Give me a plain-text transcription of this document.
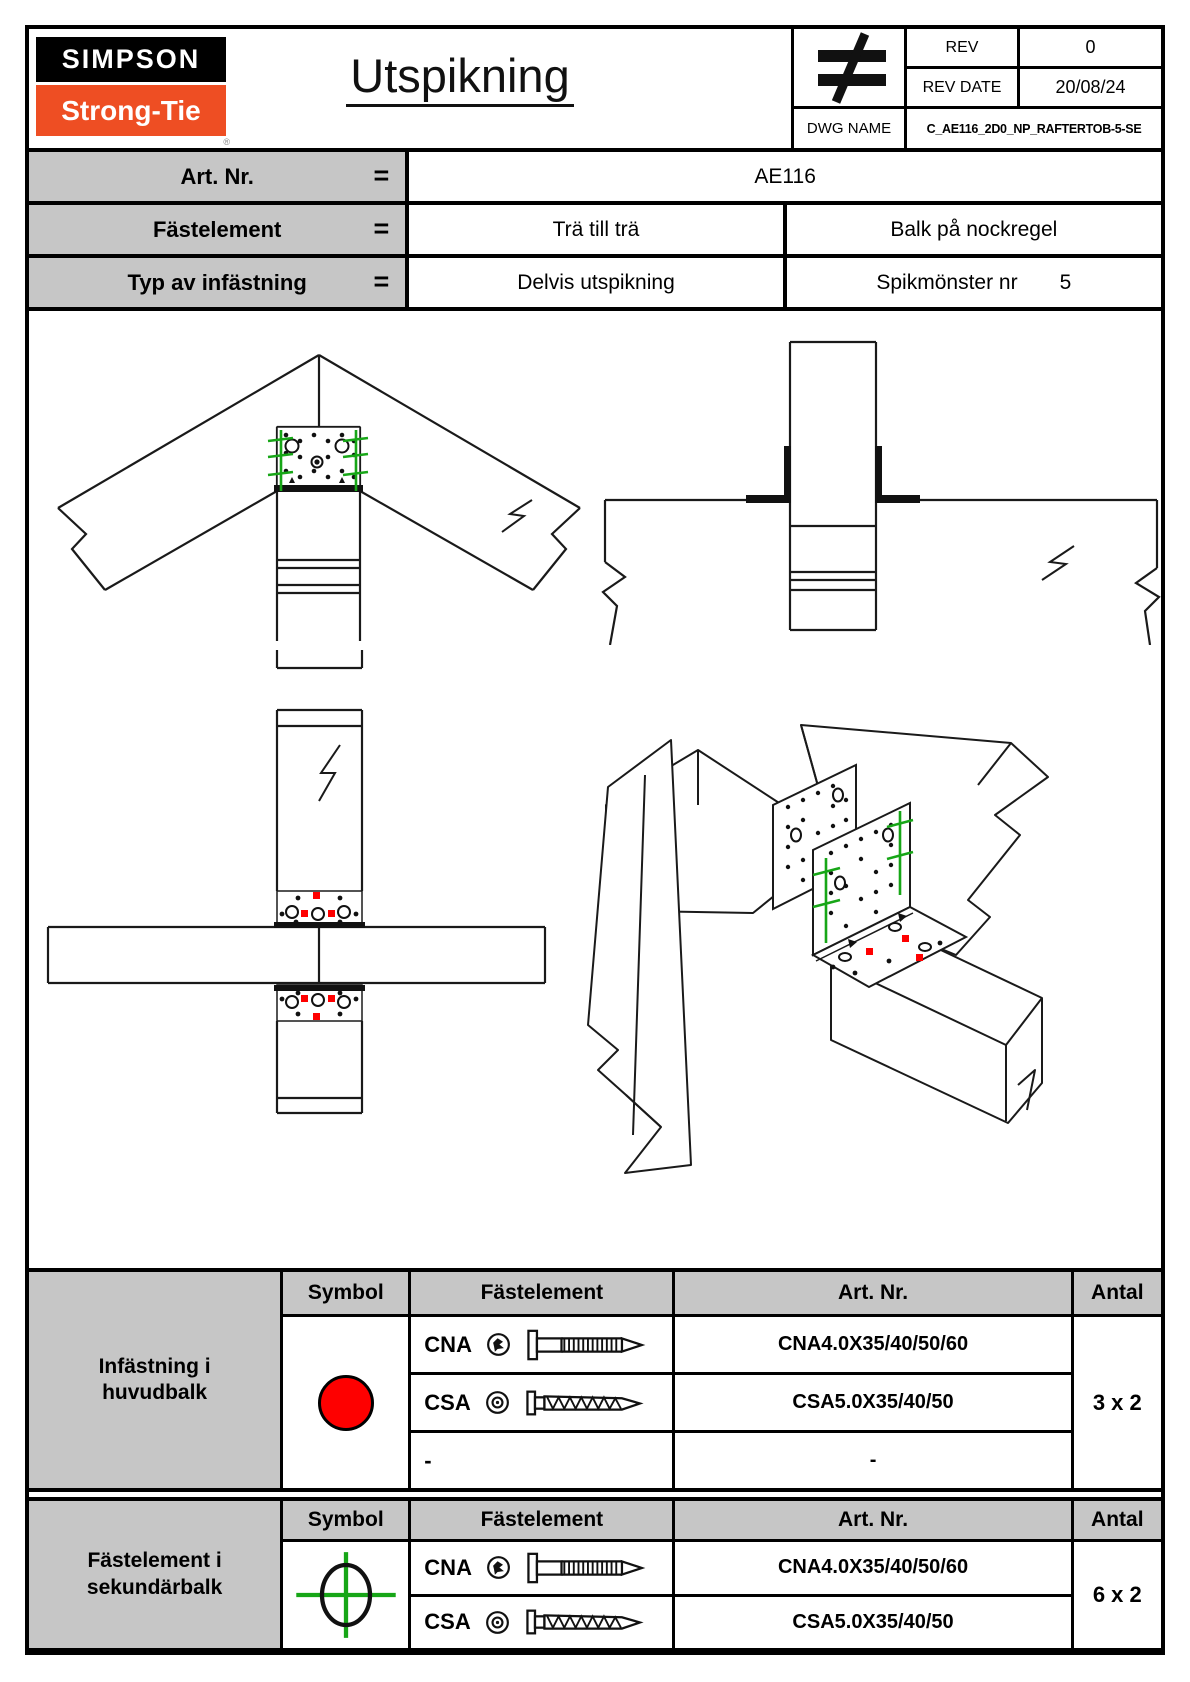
SIMPSON
Strong-Tie
®
Utspikning
REV	0
REV DATE	20/08/24
DWG NAME	C_AE116_2D0_NP_RAFTERTOB-5-SE
Art. Nr.	=	AE116
Fästelement	=	Trä till trä	Balk på nockregel
Typ av infästning =	Delvis utspikning	Spikmönster nr 5
Infästning i
huvudbalk
Symbol	Fästelement	Art. Nr.	Antal
CNA	CNA4.0X35/40/50/60
3 x 2
CSA	CSA5.0X35/40/50
-	-
Fästelement i
sekundärbalk
Symbol	Fästelement	Art. Nr.	Antal
CNA	CNA4.0X35/40/50/60
6 x 2
CSA	CSA5.0X35/40/50
